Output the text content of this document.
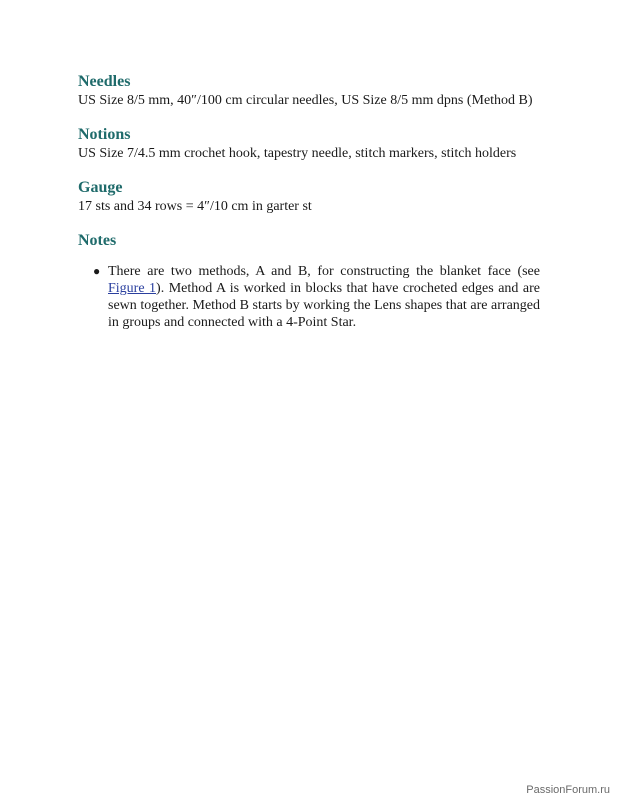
Needles

US Size 8/5 mm, 40″/100 cm circular needles, US Size 8/5 mm dpns (Method B)

Notions

US Size 7/4.5 mm crochet hook, tapestry needle, stitch markers, stitch holders

Gauge

17 sts and 34 rows = 4″/10 cm in garter st

Notes
● There are two methods, A and B, for constructing the blanket face (see Figure 1). Method A is worked in blocks that have crocheted edges and are sewn together. Method B starts by working the Lens shapes that are arranged in groups and connected with a 4-Point Star.
PassionForum.ru
